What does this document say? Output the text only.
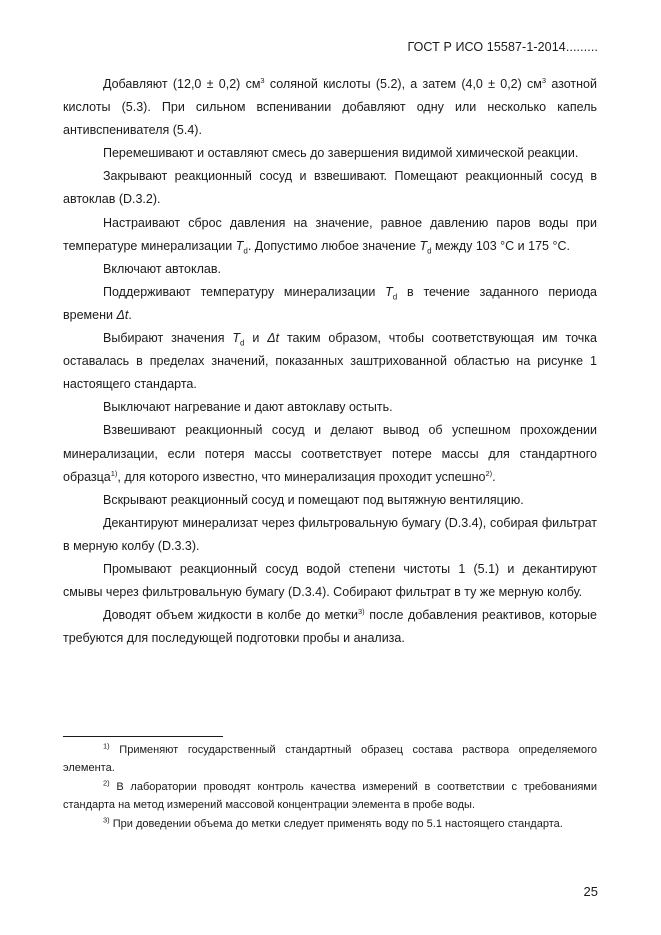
ГОСТ Р ИСО 15587-1-2014.........

Добавляют (12,0 ± 0,2) $см^3$ соляной кислоты (5.2), а затем (4,0 ± 0,2) $см^3$ азотной кислоты (5.3). При сильном вспенивании добавляют одну или несколько капель антивспенивателя (5.4).

Перемешивают и оставляют смесь до завершения видимой химической реакции.

Закрывают реакционный сосуд и взвешивают. Помещают реакционный сосуд в автоклав (D.3.2).

Настраивают сброс давления на значение, равное давлению паров воды при температуре минерализации $T_d$. Допустимо любое значение $T_d$ между 103 °С и 175 °С.

Включают автоклав.

Поддерживают температуру минерализации $T_d$ в течение заданного периода времени Δt.

Выбирают значения $T_d$ и Δt таким образом, чтобы соответствующая им точка оставалась в пределах значений, показанных заштрихованной областью на рисунке 1 настоящего стандарта.

Выключают нагревание и дают автоклаву остыть.

Взвешивают реакционный сосуд и делают вывод об успешном прохождении минерализации, если потеря массы соответствует потере массы для стандартного образца$^{1)}$, для которого известно, что минерализация проходит успешно$^{2)}$.

Вскрывают реакционный сосуд и помещают под вытяжную вентиляцию.

Декантируют минерализат через фильтровальную бумагу (D.3.4), собирая фильтрат в мерную колбу (D.3.3).

Промывают реакционный сосуд водой степени чистоты 1 (5.1) и декантируют смывы через фильтровальную бумагу (D.3.4). Собирают фильтрат в ту же мерную колбу.

Доводят объем жидкости в колбе до метки$^{3)}$ после добавления реактивов, которые требуются для последующей подготовки пробы и анализа.

$^{1)}$ Применяют государственный стандартный образец состава раствора определяемого элемента.

$^{2)}$ В лаборатории проводят контроль качества измерений в соответствии с требованиями стандарта на метод измерений массовой концентрации элемента в пробе воды.

$^{3)}$ При доведении объема до метки следует применять воду по 5.1 настоящего стандарта.

25
